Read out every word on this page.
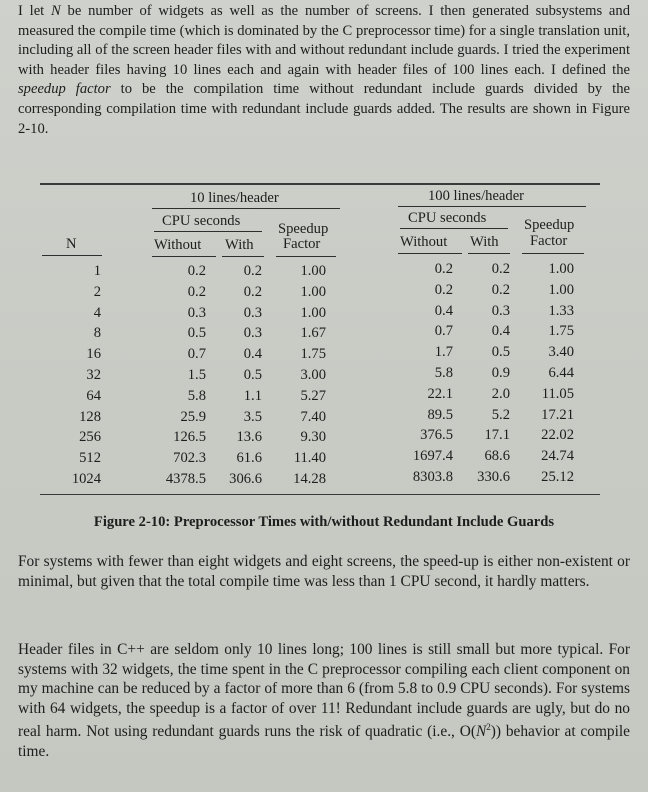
I let N be number of widgets as well as the number of screens. I then generated subsystems and measured the compile time (which is dominated by the C preprocessor time) for a single translation unit, including all of the screen header files with and without redundant include guards. I tried the experiment with header files having 10 lines each and again with header files of 100 lines each. I defined the speedup factor to be the compilation time without redundant include guards divided by the corresponding compilation time with redundant include guards added. The results are shown in Figure 2-10.
10 lines/header	100 lines/header
CPU seconds	CPU seconds
Speedup
Factor
Speedup
Factor
N	Without With	Without With
1	0.2	0.2	1.00	0.2	0.2	1.00
2	0.2	0.2	1.00	0.2	0.2	1.00
4	0.3	0.3	1.00	0.4	0.3	1.33
8	0.5	0.3	1.67	0.7	0.4	1.75
16	0.7	0.4	1.75	1.7	0.5	3.40
32	1.5	0.5	3.00	5.8	0.9	6.44
64	5.8	1.1	5.27	22.1	2.0 11.05
128	25.9	3.5	7.40	89.5	5.2 17.21
256	126.5 13.6	9.30	376.5 17.1 22.02
512	702.3 61.6 11.40	1697.4 68.6 24.74
1024	4378.5 306.6 14.28	8303.8 330.6 25.12
Figure 2-10: Preprocessor Times with/without Redundant Include Guards
For systems with fewer than eight widgets and eight screens, the speed-up is either non-existent or minimal, but given that the total compile time was less than 1 CPU second, it hardly matters.
Header files in C++ are seldom only 10 lines long; 100 lines is still small but more typical. For systems with 32 widgets, the time spent in the C preprocessor compiling each client component on my machine can be reduced by a factor of more than 6 (from 5.8 to 0.9 CPU seconds). For systems with 64 widgets, the speedup is a factor of over 11! Redundant include guards are ugly, but do no real harm. Not using redundant guards runs the risk of quadratic (i.e., $O(N^2)$) behavior at compile time.
